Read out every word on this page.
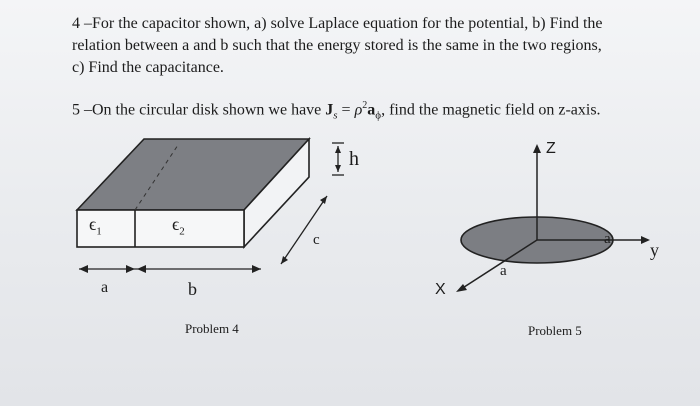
4 –For the capacitor shown, a) solve Laplace equation for the potential, b) Find the
relation between a and b such that the energy stored is the same in the two regions,
c) Find the capacitance.
5 –On the circular disk shown we have $J_s = \rho^2a_\phi$, find the magnetic field on z-axis.
$\epsilon_1$	$\epsilon_2$
h
c
a	b
Problem 4
Z
y
a
X
a
Problem 5
